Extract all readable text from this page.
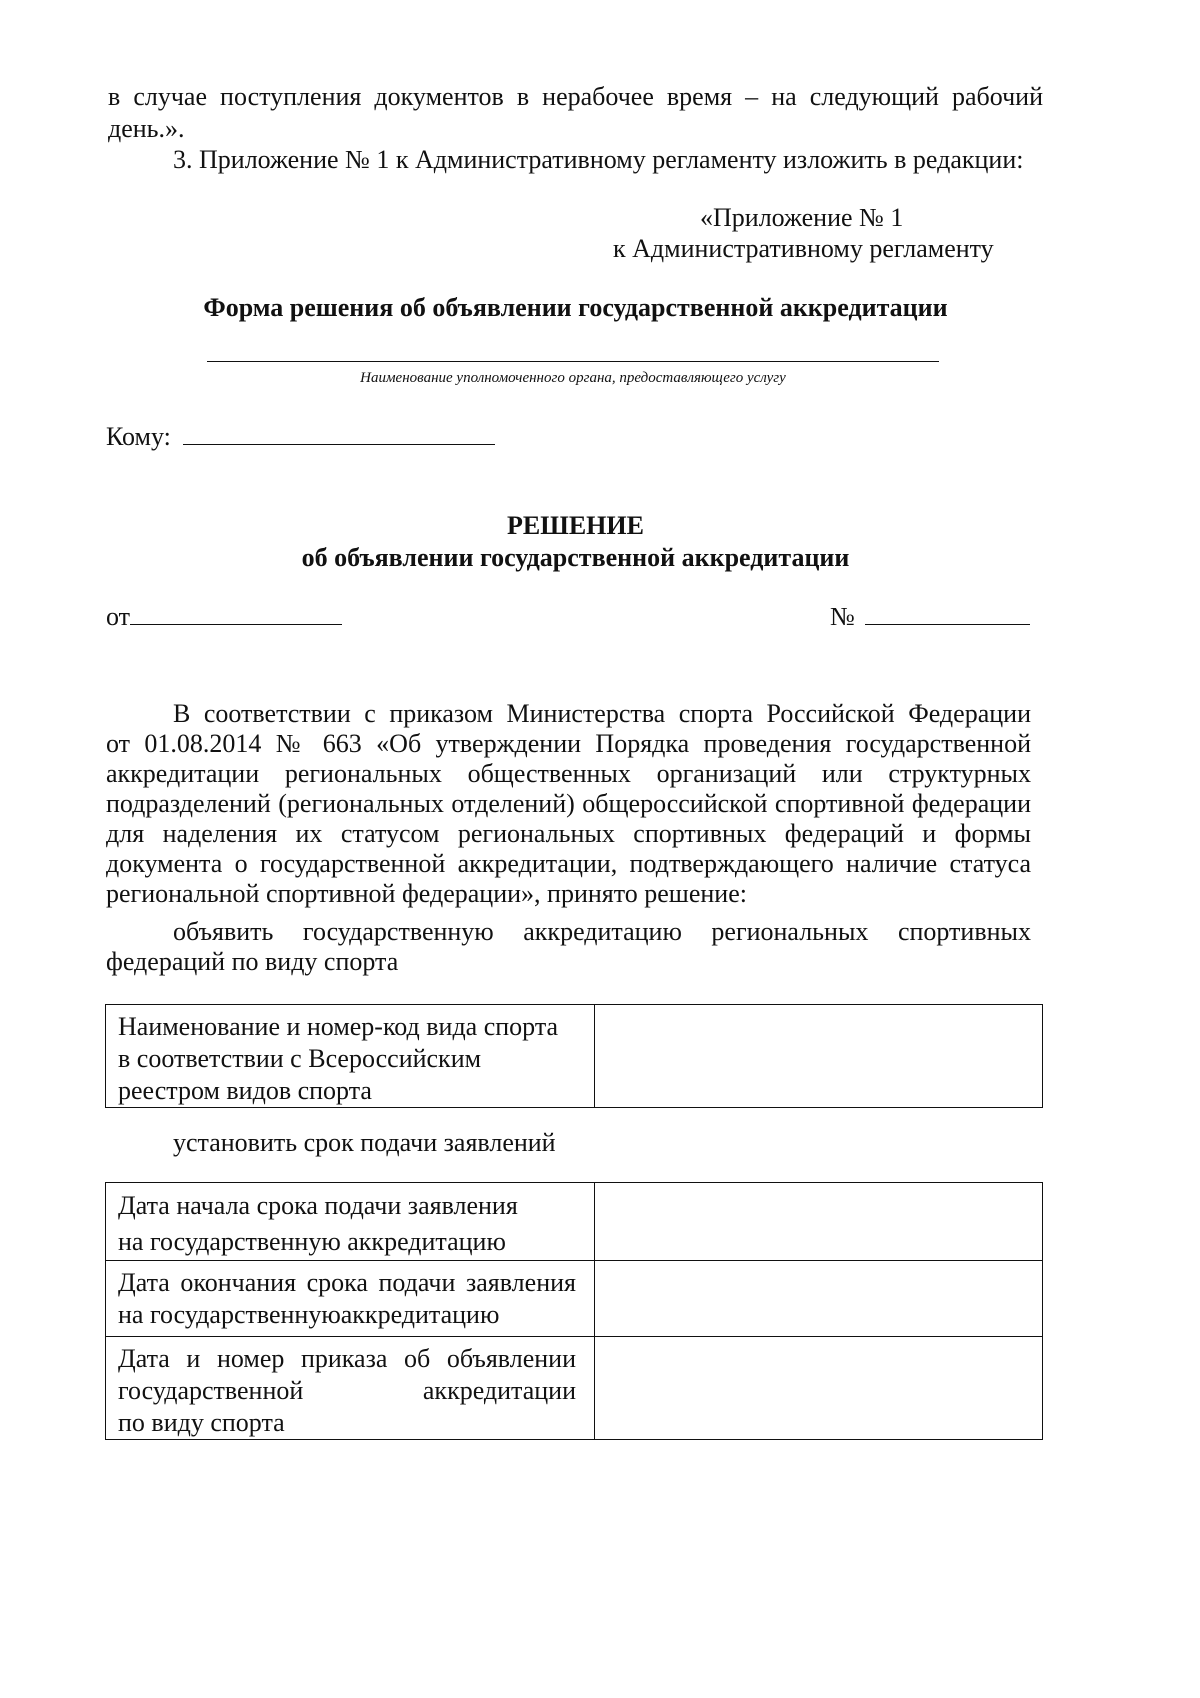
в случае поступления документов в нерабочее время – на следующий рабочий

день.».

3. Приложение № 1 к Административному регламенту изложить в редакции:

«Приложение № 1

к Административному регламенту

Форма решения об объявлении государственной аккредитации

Наименование уполномоченного органа, предоставляющего услугу

Кому:

РЕШЕНИЕ

об объявлении государственной аккредитации

от	№

В соответствии с приказом Министерства спорта Российской Федерации

от 01.08.2014 № 663 «Об утверждении Порядка проведения государственной

аккредитации региональных общественных организаций или структурных

подразделений (региональных отделений) общероссийской спортивной федерации

для наделения их статусом региональных спортивных федераций и формы

документа о государственной аккредитации, подтверждающего наличие статуса

региональной спортивной федерации», принято решение:

объявить государственную аккредитацию региональных спортивных

федераций по виду спорта

Наименование и номер-код вида спорта
в соответствии с Всероссийским
реестром видов спорта

установить срок подачи заявлений

Дата начала срока подачи заявления
на государственную аккредитацию	

Дата окончания срока подачи заявления
на государственнуюаккредитацию	

Дата и номер приказа об объявлении
государственной аккредитации
по виду спорта	
